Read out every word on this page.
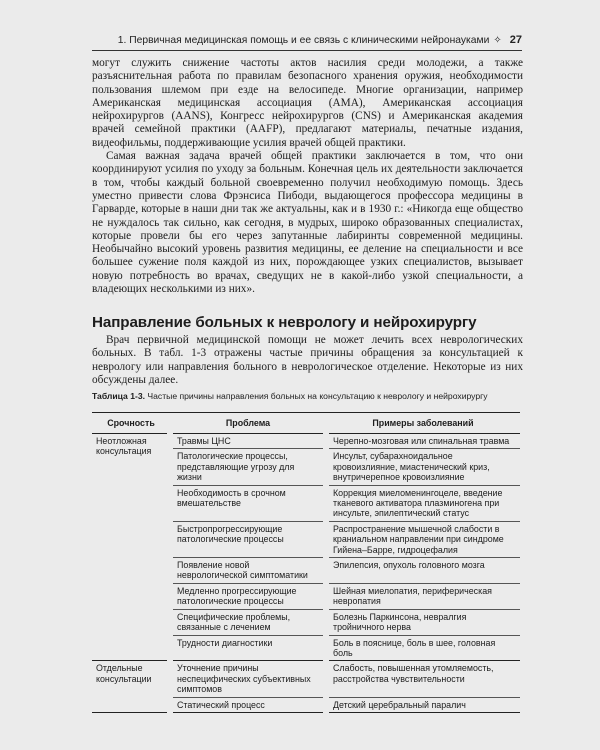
1. Первичная медицинская помощь и ее связь с клиническими нейронауками ✧ 27

могут служить снижение частоты актов насилия среди молодежи, а также разъяснительная работа по правилам безопасного хранения оружия, необходимости пользования шлемом при езде на велосипеде. Многие организации, например Американская медицинская ассоциация (AMA), Американская ассоциация нейрохирургов (AANS), Конгресс нейрохирургов (CNS) и Американская академия врачей семейной практики (AAFP), предлагают материалы, печатные издания, видеофильмы, поддерживающие усилия врачей общей практики.

Самая важная задача врачей общей практики заключается в том, что они координируют усилия по уходу за больным. Конечная цель их деятельности заключается в том, чтобы каждый больной своевременно получил необходимую помощь. Здесь уместно привести слова Фрэнсиса Пибоди, выдающегося профессора медицины в Гарварде, которые в наши дни так же актуальны, как и в 1930 г.: «Никогда еще общество не нуждалось так сильно, как сегодня, в мудрых, широко образованных специалистах, которые провели бы его через запутанные лабиринты современной медицины. Необычайно высокий уровень развития медицины, ее деление на специальности и все большее сужение поля каждой из них, порождающее узких специалистов, вызывает новую потребность во врачах, сведущих не в какой-либо узкой специальности, а владеющих несколькими из них».

Направление больных к неврологу и нейрохирургу

Врач первичной медицинской помощи не может лечить всех неврологических больных. В табл. 1-3 отражены частые причины обращения за консультацией к неврологу или направления больного в неврологическое отделение. Некоторые из них обсуждены далее.

Таблица 1-3. Частые причины направления больных на консультацию к неврологу и нейрохирургу
Срочность	Проблема	Примеры заболеваний
Неотложная консультация	Травмы ЦНС	Черепно-мозговая или спинальная травма
	Патологические процессы, представляющие угрозу для жизни	Инсульт, субарахноидальное кровоизлияние, миастенический криз, внутричерепное кровоизлияние
	Необходимость в срочном вмешательстве	Коррекция миеломенингоцеле, введение тканевого активатора плазминогена при инсульте, эпилептический статус
	Быстропрогрессирующие патологические процессы	Распространение мышечной слабости в краниальном направлении при синдроме Гийена–Барре, гидроцефалия
	Появление новой неврологической симптоматики	Эпилепсия, опухоль головного мозга
	Медленно прогрессирующие патологические процессы	Шейная миелопатия, периферическая невропатия
	Специфические проблемы, связанные с лечением	Болезнь Паркинсона, невралгия тройничного нерва
	Трудности диагностики	Боль в пояснице, боль в шее, головная боль
Отдельные консультации	Уточнение причины неспецифических субъективных симптомов	Слабость, повышенная утомляемость, расстройства чувствительности
	Статический процесс	Детский церебральный паралич
